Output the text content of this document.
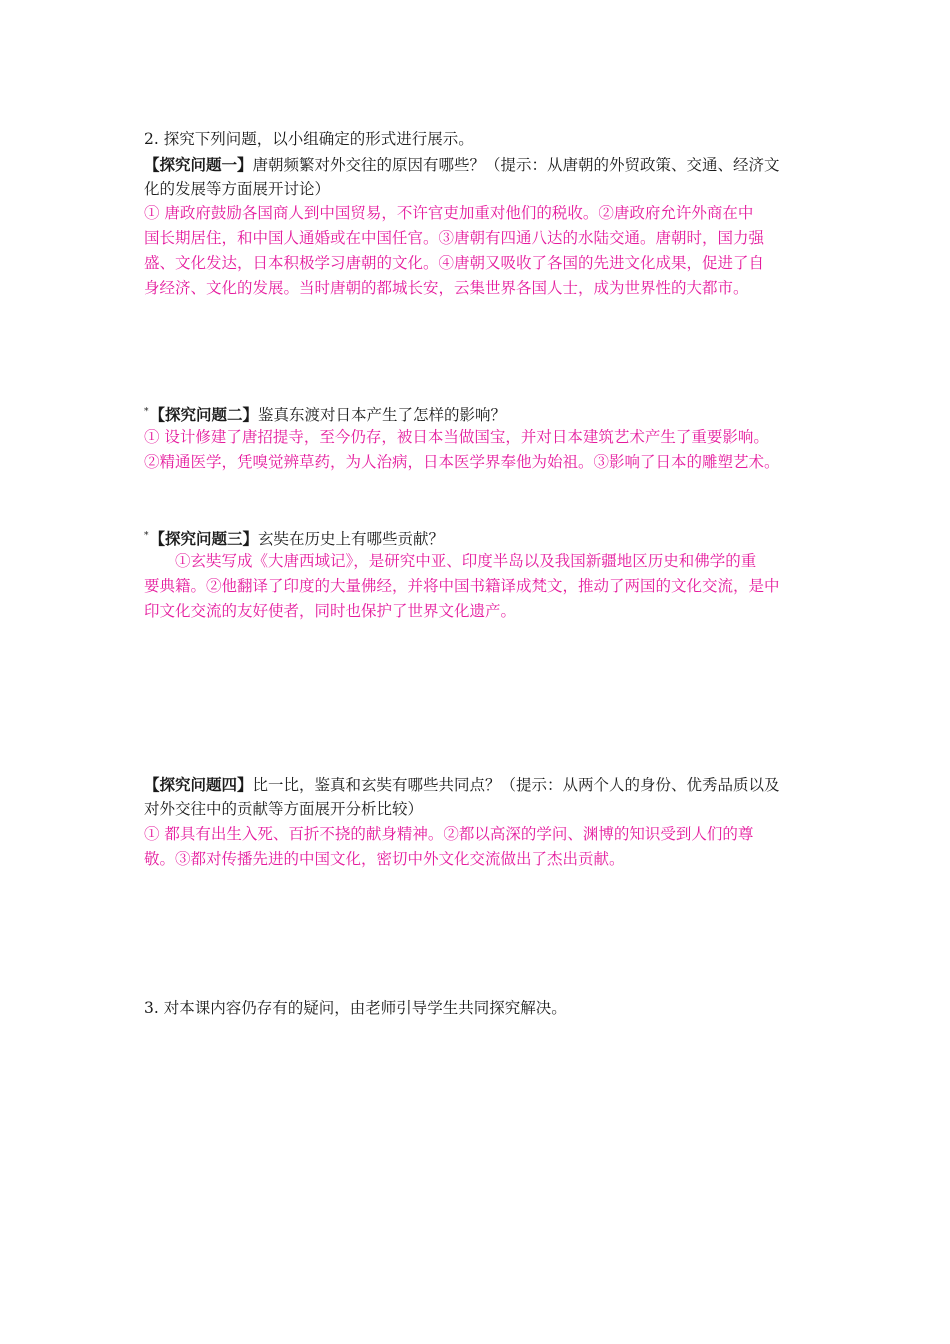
2. 探究下列问题，以小组确定的形式进行展示。
【探究问题一】唐朝频繁对外交往的原因有哪些？（提示：从唐朝的外贸政策、交通、经济文
化的发展等方面展开讨论）
① 唐政府鼓励各国商人到中国贸易，不许官吏加重对他们的税收。②唐政府允许外商在中
国长期居住，和中国人通婚或在中国任官。③唐朝有四通八达的水陆交通。唐朝时，国力强
盛、文化发达，日本积极学习唐朝的文化。④唐朝又吸收了各国的先进文化成果，促进了自
身经济、文化的发展。当时唐朝的都城长安，云集世界各国人士，成为世界性的大都市。
*【探究问题二】鉴真东渡对日本产生了怎样的影响？
① 设计修建了唐招提寺，至今仍存，被日本当做国宝，并对日本建筑艺术产生了重要影响。
②精通医学，凭嗅觉辨草药，为人治病，日本医学界奉他为始祖。③影响了日本的雕塑艺术。
*【探究问题三】玄奘在历史上有哪些贡献？
①玄奘写成《大唐西域记》，是研究中亚、印度半岛以及我国新疆地区历史和佛学的重
要典籍。②他翻译了印度的大量佛经，并将中国书籍译成梵文，推动了两国的文化交流，是中
印文化交流的友好使者，同时也保护了世界文化遗产。
【探究问题四】比一比，鉴真和玄奘有哪些共同点？（提示：从两个人的身份、优秀品质以及
对外交往中的贡献等方面展开分析比较）
① 都具有出生入死、百折不挠的献身精神。②都以高深的学问、渊博的知识受到人们的尊
敬。③都对传播先进的中国文化，密切中外文化交流做出了杰出贡献。
3. 对本课内容仍存有的疑问，由老师引导学生共同探究解决。
